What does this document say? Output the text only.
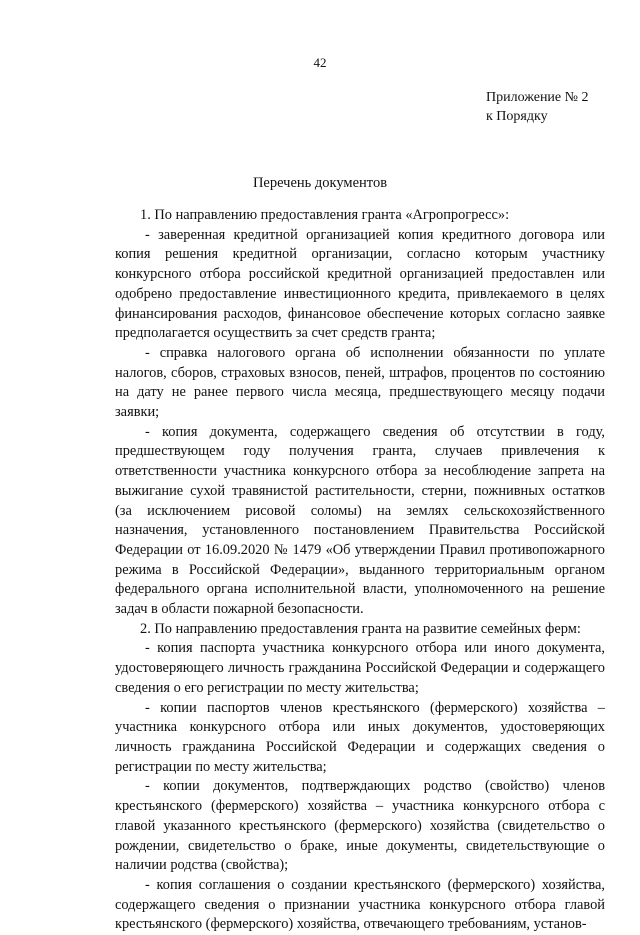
42
Приложение № 2
к Порядку
Перечень документов

1. По направлению предоставления гранта «Агропрогресс»:

- заверенная кредитной организацией копия кредитного договора или копия решения кредитной организации, согласно которым участнику конкурсного отбора российской кредитной организацией предоставлен или одобрено предоставление инвестиционного кредита, привлекаемого в целях финансирования расходов, финансовое обеспечение которых согласно заявке предполагается осуществить за счет средств гранта;

- справка налогового органа об исполнении обязанности по уплате налогов, сборов, страховых взносов, пеней, штрафов, процентов по состоянию на дату не ранее первого числа месяца, предшествующего месяцу подачи заявки;

- копия документа, содержащего сведения об отсутствии в году, предшествующем году получения гранта, случаев привлечения к ответственности участника конкурсного отбора за несоблюдение запрета на выжигание сухой травянистой растительности, стерни, пожнивных остатков (за исключением рисовой соломы) на землях сельскохозяйственного назначения, установленного постановлением Правительства Российской Федерации от 16.09.2020 № 1479 «Об утверждении Правил противопожарного режима в Российской Федерации», выданного территориальным органом федерального органа исполнительной власти, уполномоченного на решение задач в области пожарной безопасности.

2. По направлению предоставления гранта на развитие семейных ферм:

- копия паспорта участника конкурсного отбора или иного документа, удостоверяющего личность гражданина Российской Федерации и содержащего сведения о его регистрации по месту жительства;

- копии паспортов членов крестьянского (фермерского) хозяйства – участника конкурсного отбора или иных документов, удостоверяющих личность гражданина Российской Федерации и содержащих сведения о регистрации по месту жительства;

- копии документов, подтверждающих родство (свойство) членов крестьянского (фермерского) хозяйства – участника конкурсного отбора с главой указанного крестьянского (фермерского) хозяйства (свидетельство о рождении, свидетельство о браке, иные документы, свидетельствующие о наличии родства (свойства);

- копия соглашения о создании крестьянского (фермерского) хозяйства, содержащего сведения о признании участника конкурсного отбора главой крестьянского (фермерского) хозяйства, отвечающего требованиям, установ-
